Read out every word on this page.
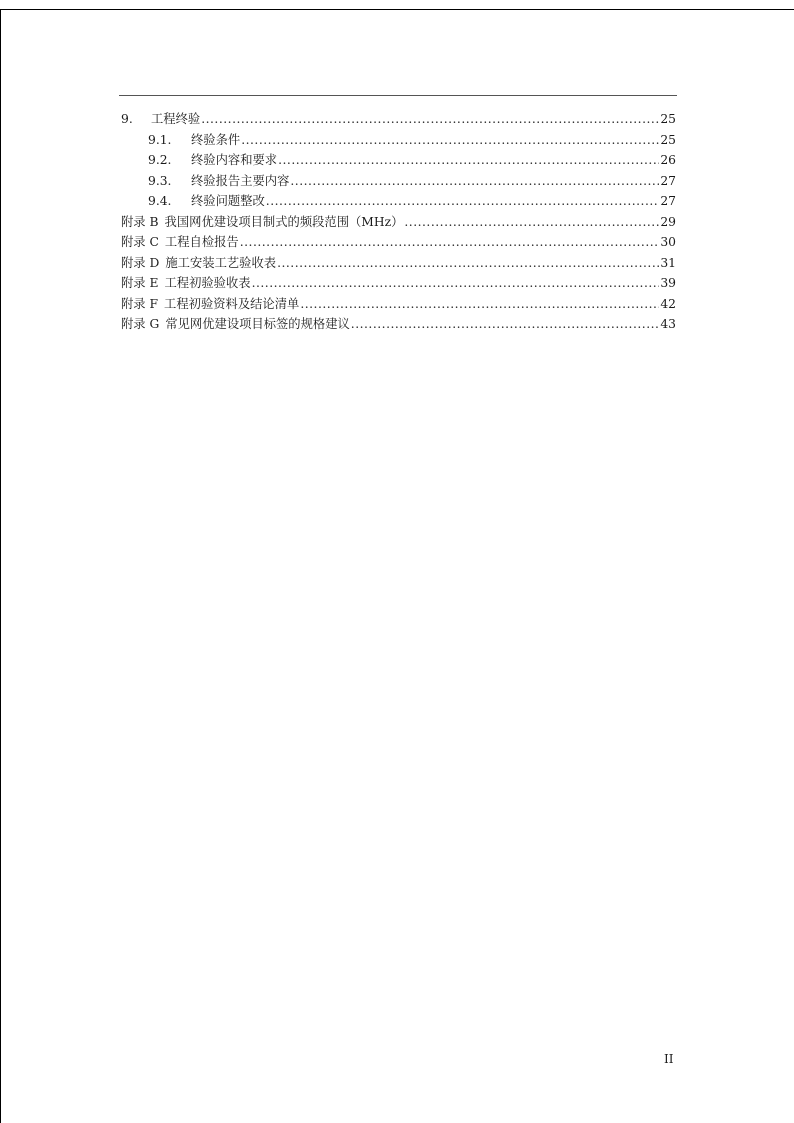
9.	工程终验 .....	25
9.1.	终验条件 .....	25
9.2.	终验内容和要求 .....	26
9.3.	终验报告主要内容 .....	27
9.4.	终验问题整改 .....	27
附录 B 我国网优建设项目制式的频段范围（MHz） .....	29
附录 C 工程自检报告 .....	30
附录 D 施工安装工艺验收表 .....	31
附录 E 工程初验验收表 .....	39
附录 F 工程初验资料及结论清单 .....	42
附录 G 常见网优建设项目标签的规格建议 .....	43
II
